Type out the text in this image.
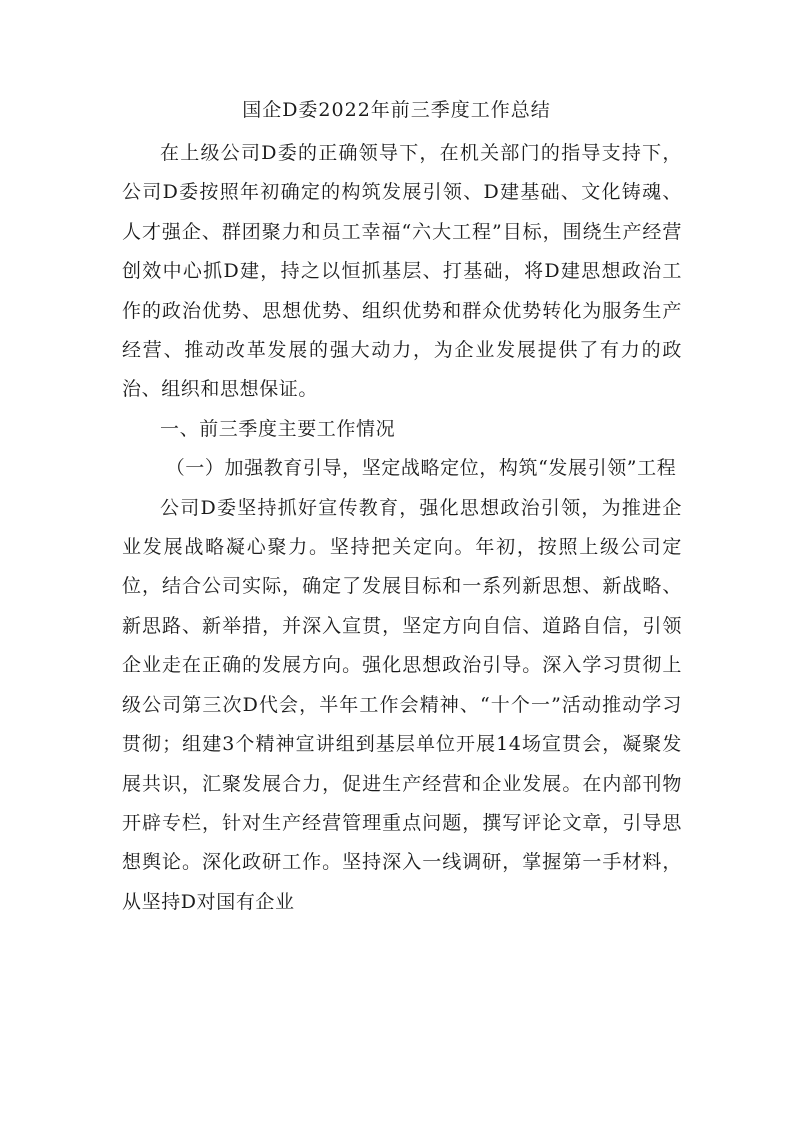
国企D委2022年前三季度工作总结

在上级公司D委的正确领导下，在机关部门的指导支持下，公司D委按照年初确定的构筑发展引领、D建基础、文化铸魂、人才强企、群团聚力和员工幸福“六大工程”目标，围绕生产经营创效中心抓D建，持之以恒抓基层、打基础，将D建思想政治工作的政治优势、思想优势、组织优势和群众优势转化为服务生产经营、推动改革发展的强大动力，为企业发展提供了有力的政治、组织和思想保证。

一、前三季度主要工作情况

（一）加强教育引导，坚定战略定位，构筑“发展引领”工程

公司D委坚持抓好宣传教育，强化思想政治引领，为推进企业发展战略凝心聚力。坚持把关定向。年初，按照上级公司定位，结合公司实际，确定了发展目标和一系列新思想、新战略、新思路、新举措，并深入宣贯，坚定方向自信、道路自信，引领企业走在正确的发展方向。强化思想政治引导。深入学习贯彻上级公司第三次D代会，半年工作会精神、“十个一”活动推动学习贯彻；组建3个精神宣讲组到基层单位开展14场宣贯会，凝聚发展共识，汇聚发展合力，促进生产经营和企业发展。在内部刊物开辟专栏，针对生产经营管理重点问题，撰写评论文章，引导思想舆论。深化政研工作。坚持深入一线调研，掌握第一手材料，从坚持D对国有企业
